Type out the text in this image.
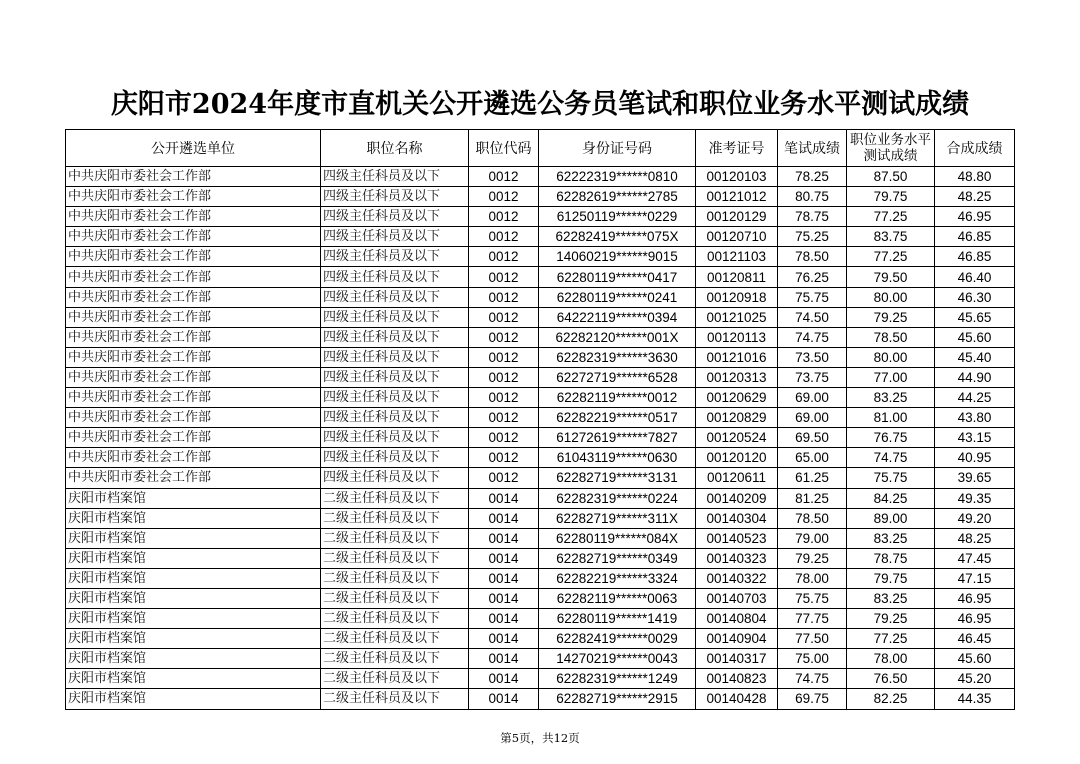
庆阳市2024年度市直机关公开遴选公务员笔试和职位业务水平测试成绩
公开遴选单位	职位名称	职位代码	身份证号码	准考证号	笔试成绩	职位业务水平测试成绩	合成成绩
中共庆阳市委社会工作部	四级主任科员及以下	0012	62222319******0810	00120103	78.25	87.50	48.80
中共庆阳市委社会工作部	四级主任科员及以下	0012	62282619******2785	00121012	80.75	79.75	48.25
中共庆阳市委社会工作部	四级主任科员及以下	0012	61250119******0229	00120129	78.75	77.25	46.95
中共庆阳市委社会工作部	四级主任科员及以下	0012	62282419******075X	00120710	75.25	83.75	46.85
中共庆阳市委社会工作部	四级主任科员及以下	0012	14060219******9015	00121103	78.50	77.25	46.85
中共庆阳市委社会工作部	四级主任科员及以下	0012	62280119******0417	00120811	76.25	79.50	46.40
中共庆阳市委社会工作部	四级主任科员及以下	0012	62280119******0241	00120918	75.75	80.00	46.30
中共庆阳市委社会工作部	四级主任科员及以下	0012	64222119******0394	00121025	74.50	79.25	45.65
中共庆阳市委社会工作部	四级主任科员及以下	0012	62282120******001X	00120113	74.75	78.50	45.60
中共庆阳市委社会工作部	四级主任科员及以下	0012	62282319******3630	00121016	73.50	80.00	45.40
中共庆阳市委社会工作部	四级主任科员及以下	0012	62272719******6528	00120313	73.75	77.00	44.90
中共庆阳市委社会工作部	四级主任科员及以下	0012	62282119******0012	00120629	69.00	83.25	44.25
中共庆阳市委社会工作部	四级主任科员及以下	0012	62282219******0517	00120829	69.00	81.00	43.80
中共庆阳市委社会工作部	四级主任科员及以下	0012	61272619******7827	00120524	69.50	76.75	43.15
中共庆阳市委社会工作部	四级主任科员及以下	0012	61043119******0630	00120120	65.00	74.75	40.95
中共庆阳市委社会工作部	四级主任科员及以下	0012	62282719******3131	00120611	61.25	75.75	39.65
庆阳市档案馆	二级主任科员及以下	0014	62282319******0224	00140209	81.25	84.25	49.35
庆阳市档案馆	二级主任科员及以下	0014	62282719******311X	00140304	78.50	89.00	49.20
庆阳市档案馆	二级主任科员及以下	0014	62280119******084X	00140523	79.00	83.25	48.25
庆阳市档案馆	二级主任科员及以下	0014	62282719******0349	00140323	79.25	78.75	47.45
庆阳市档案馆	二级主任科员及以下	0014	62282219******3324	00140322	78.00	79.75	47.15
庆阳市档案馆	二级主任科员及以下	0014	62282119******0063	00140703	75.75	83.25	46.95
庆阳市档案馆	二级主任科员及以下	0014	62280119******1419	00140804	77.75	79.25	46.95
庆阳市档案馆	二级主任科员及以下	0014	62282419******0029	00140904	77.50	77.25	46.45
庆阳市档案馆	二级主任科员及以下	0014	14270219******0043	00140317	75.00	78.00	45.60
庆阳市档案馆	二级主任科员及以下	0014	62282319******1249	00140823	74.75	76.50	45.20
庆阳市档案馆	二级主任科员及以下	0014	62282719******2915	00140428	69.75	82.25	44.35
第5页，共12页
